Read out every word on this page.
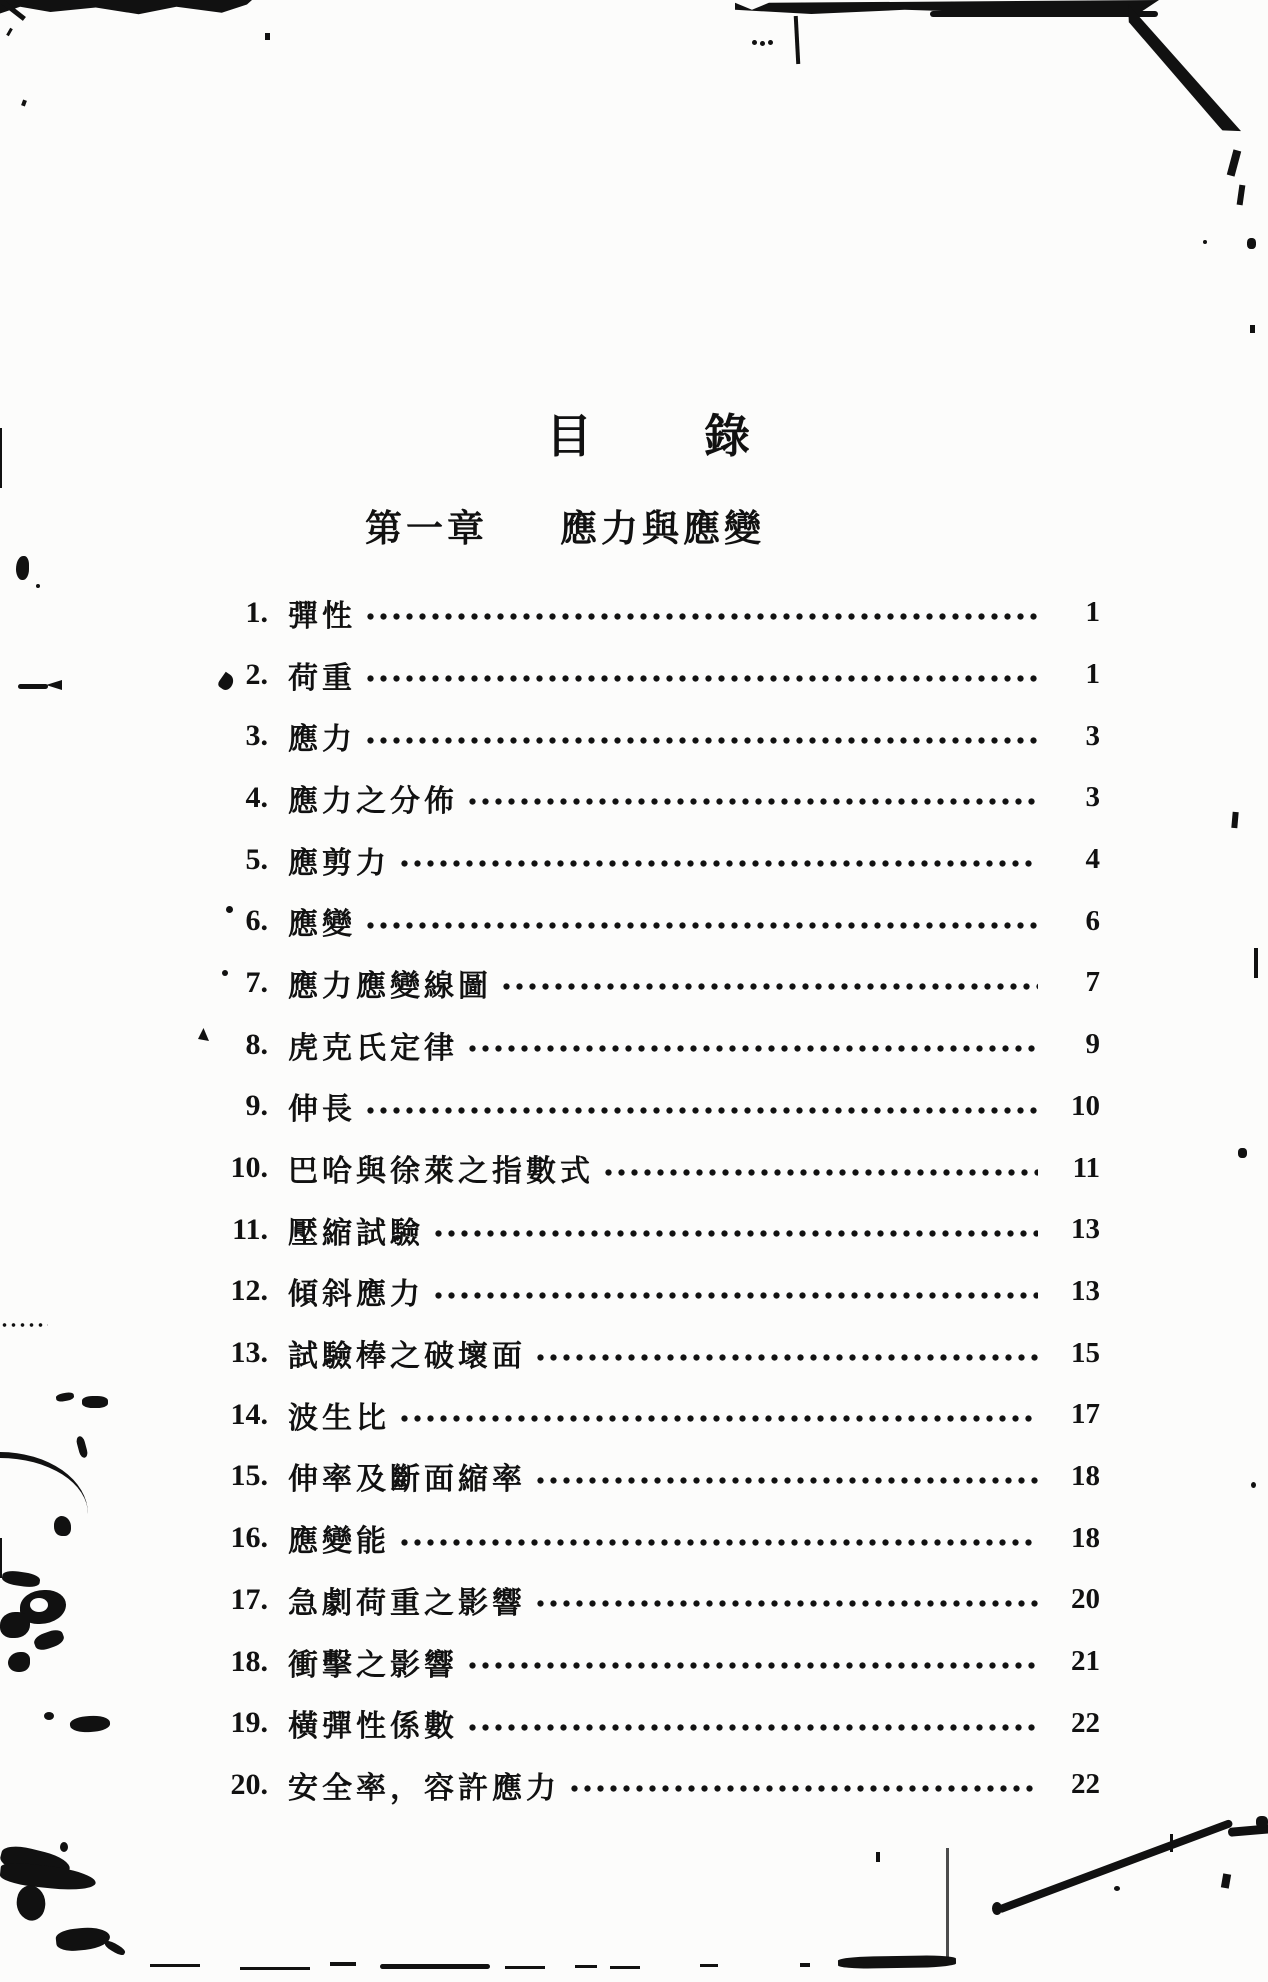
目 錄
第一章 應力與應變
1. 彈性	1
2. 荷重	1
3. 應力	3
4. 應力之分佈	3
5. 應剪力	4
6. 應變	6
7. 應力應變線圖	7
8. 虎克氏定律	9
9. 伸長	10
10. 巴哈與徐萊之指數式	11
11. 壓縮試驗	13
12. 傾斜應力	13
13. 試驗棒之破壞面	15
14. 波生比	17
15. 伸率及斷面縮率	18
16. 應變能	18
17. 急劇荷重之影響	20
18. 衝擊之影響	21
19. 橫彈性係數	22
20. 安全率，容許應力	22
